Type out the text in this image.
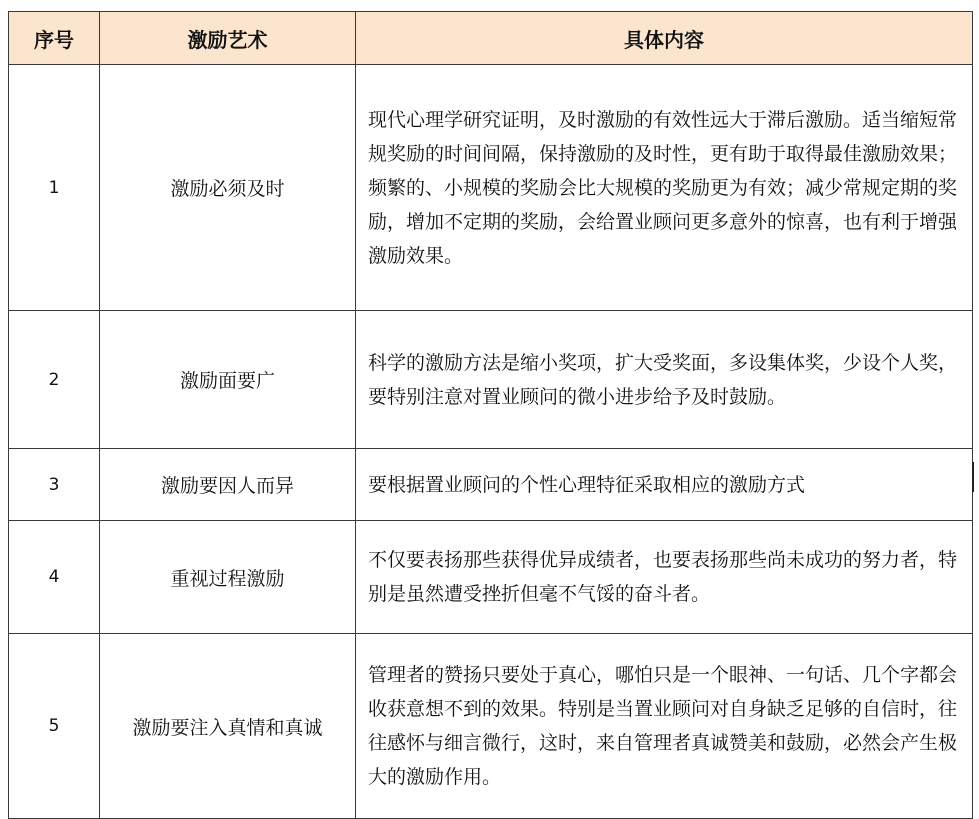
序号	激励艺术	具体内容
1	激励必须及时	现代心理学研究证明，及时激励的有效性远大于滞后激励。适当缩短常规奖励的时间间隔，保持激励的及时性，更有助于取得最佳激励效果；频繁的、小规模的奖励会比大规模的奖励更为有效；减少常规定期的奖励，增加不定期的奖励，会给置业顾问更多意外的惊喜，也有利于增强激励效果。
2	激励面要广	科学的激励方法是缩小奖项，扩大受奖面，多设集体奖，少设个人奖，要特别注意对置业顾问的微小进步给予及时鼓励。
3	激励要因人而异	要根据置业顾问的个性心理特征采取相应的激励方式
4	重视过程激励	不仅要表扬那些获得优异成绩者，也要表扬那些尚未成功的努力者，特别是虽然遭受挫折但毫不气馁的奋斗者。
5	激励要注入真情和真诚	管理者的赞扬只要处于真心，哪怕只是一个眼神、一句话、几个字都会收获意想不到的效果。特别是当置业顾问对自身缺乏足够的自信时，往往感怀与细言微行，这时，来自管理者真诚赞美和鼓励，必然会产生极大的激励作用。
